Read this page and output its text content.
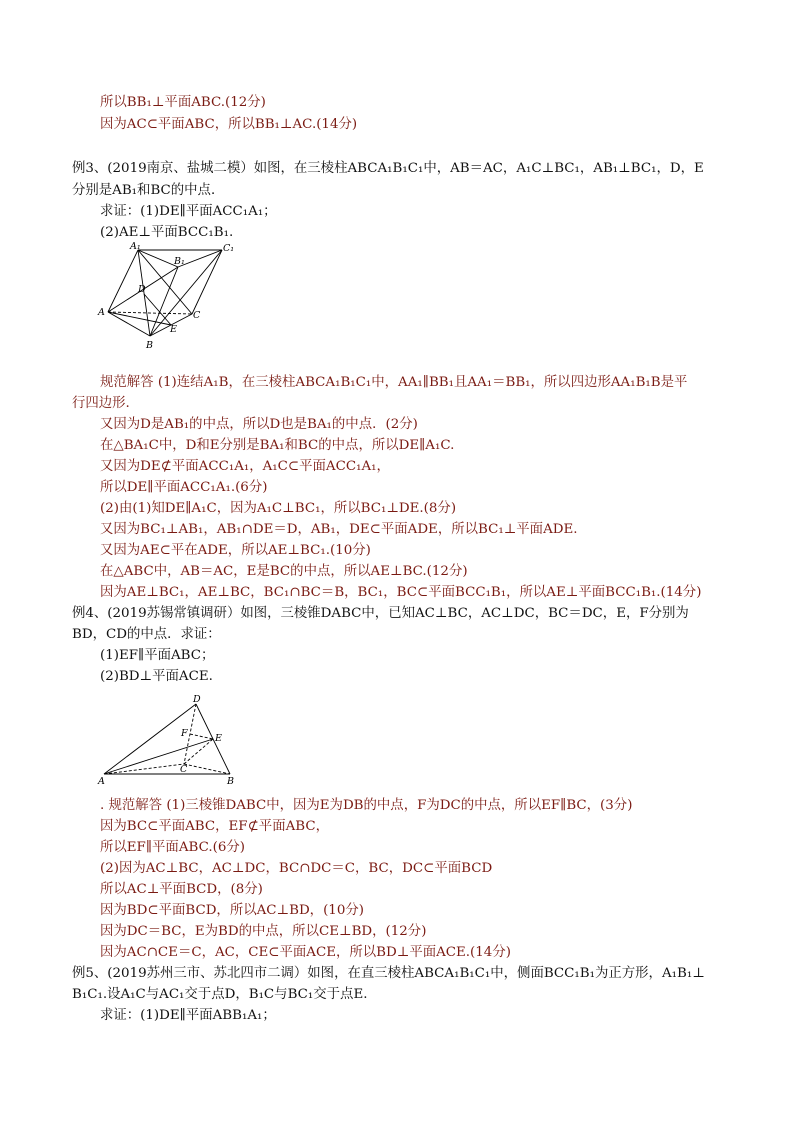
所以BB₁⊥平面ABC.(12分)
因为AC⊂平面ABC，所以BB₁⊥AC.(14分)
例3、(2019南京、盐城二模）如图，在三棱柱ABCA₁B₁C₁中，AB＝AC，A₁C⊥BC₁，AB₁⊥BC₁，D，E
分别是AB₁和BC的中点．
求证：(1)DE∥平面ACC₁A₁；
(2)AE⊥平面BCC₁B₁.
A₁
B₁
C₁
A
B
C
D
E
规范解答 (1)连结A₁B，在三棱柱ABCA₁B₁C₁中，AA₁∥BB₁且AA₁＝BB₁，所以四边形AA₁B₁B是平
行四边形.
又因为D是AB₁的中点，所以D也是BA₁的中点．(2分)
在△BA₁C中，D和E分别是BA₁和BC的中点，所以DE∥A₁C.
又因为DE⊄平面ACC₁A₁，A₁C⊂平面ACC₁A₁，
所以DE∥平面ACC₁A₁.(6分)
(2)由(1)知DE∥A₁C，因为A₁C⊥BC₁，所以BC₁⊥DE.(8分)
又因为BC₁⊥AB₁，AB₁∩DE＝D，AB₁，DE⊂平面ADE，所以BC₁⊥平面ADE.
又因为AE⊂平在ADE，所以AE⊥BC₁.(10分)
在△ABC中，AB＝AC，E是BC的中点，所以AE⊥BC.(12分)
因为AE⊥BC₁，AE⊥BC，BC₁∩BC＝B，BC₁，BC⊂平面BCC₁B₁，所以AE⊥平面BCC₁B₁.(14分)
例4、(2019苏锡常镇调研）如图，三棱锥DABC中，已知AC⊥BC，AC⊥DC，BC＝DC，E，F分别为
BD，CD的中点．求证：
(1)EF∥平面ABC；
(2)BD⊥平面ACE.
D
E
F
C
A	B
. 规范解答 (1)三棱锥DABC中，因为E为DB的中点，F为DC的中点，所以EF∥BC，(3分)
因为BC⊂平面ABC，EF⊄平面ABC，
所以EF∥平面ABC.(6分)
(2)因为AC⊥BC，AC⊥DC，BC∩DC＝C，BC，DC⊂平面BCD
所以AC⊥平面BCD，(8分)
因为BD⊂平面BCD，所以AC⊥BD，(10分)
因为DC＝BC，E为BD的中点，所以CE⊥BD，(12分)
因为AC∩CE＝C，AC，CE⊂平面ACE，所以BD⊥平面ACE.(14分)
例5、(2019苏州三市、苏北四市二调）如图，在直三棱柱ABCA₁B₁C₁中，侧面BCC₁B₁为正方形，A₁B₁⊥
B₁C₁.设A₁C与AC₁交于点D，B₁C与BC₁交于点E.
求证：(1)DE∥平面ABB₁A₁；
